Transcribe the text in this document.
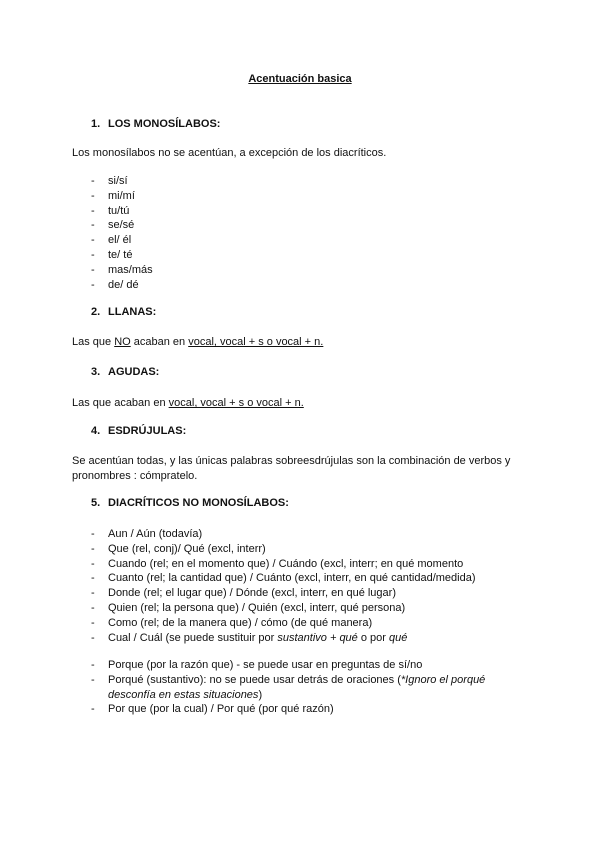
Acentuación basica
1. LOS MONOSÍLABOS:
Los monosílabos no se acentúan, a excepción de los diacríticos.
- si/sí
- mi/mí
- tu/tú
- se/sé
- el/ él
- te/ té
- mas/más
- de/ dé
2. LLANAS:
Las que NO acaban en vocal, vocal + s o vocal + n.
3. AGUDAS:
Las que acaban en vocal, vocal + s o vocal + n.
4. ESDRÚJULAS:
Se acentúan todas, y las únicas palabras sobreesdrújulas son la combinación de verbos y pronombres : cómpratelo.
5. DIACRÍTICOS NO MONOSÍLABOS:
- Aun / Aún (todavía)
- Que (rel, conj)/ Qué (excl, interr)
- Cuando (rel; en el momento que) / Cuándo (excl, interr; en qué momento
- Cuanto (rel; la cantidad que) / Cuánto (excl, interr, en qué cantidad/medida)
- Donde (rel; el lugar que) / Dónde (excl, interr, en qué lugar)
- Quien (rel; la persona que) / Quién (excl, interr, qué persona)
- Como (rel; de la manera que) / cómo (de qué manera)
- Cual / Cuál (se puede sustituir por sustantivo + qué o por qué
- Porque (por la razón que) - se puede usar en preguntas de sí/no
- Porqué (sustantivo): no se puede usar detrás de oraciones (*Ignoro el porqué desconfía en estas situaciones)
- Por que (por la cual) / Por qué (por qué razón)
